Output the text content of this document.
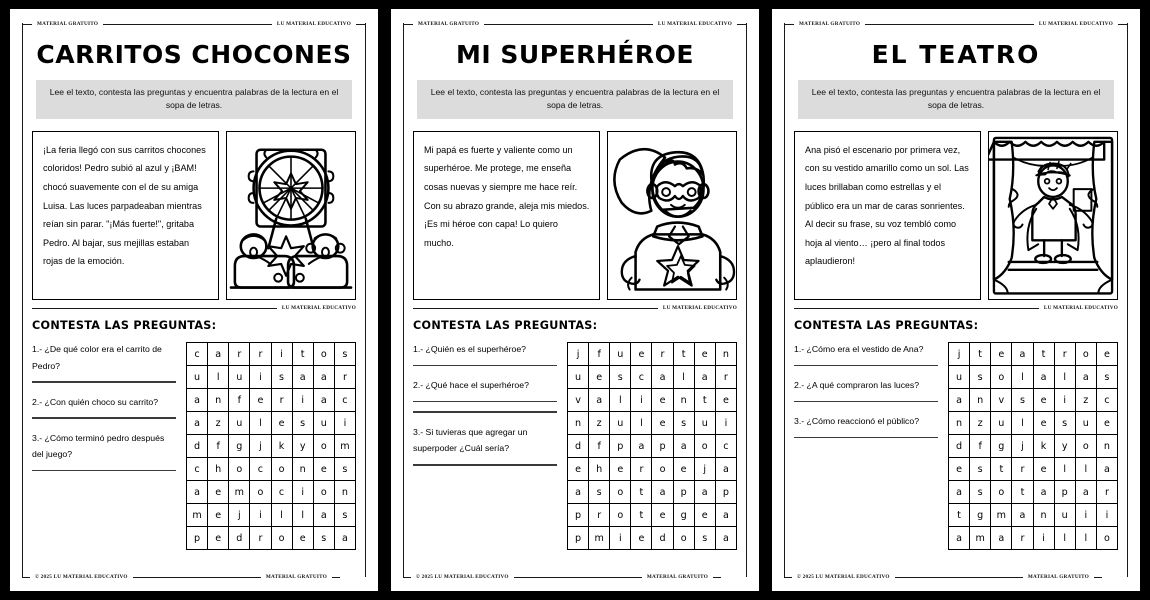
MATERIAL GRATUITO	LU MATERIAL EDUCATIVO
CARRITOS CHOCONES
Lee el texto, contesta las preguntas y encuentra palabras de la lectura en el sopa de letras.
¡La feria llegó con sus carritos chocones coloridos! Pedro subió al azul y ¡BAM! chocó suavemente con el de su amiga Luisa. Las luces parpadeaban mientras reían sin parar. "¡Más fuerte!", gritaba Pedro. Al bajar, sus mejillas estaban rojas de la emoción.
LU MATERIAL EDUCATIVO
CONTESTA LAS PREGUNTAS:
1.- ¿De qué color era el carrito de Pedro?
2.- ¿Con quién choco su carrito?
3.- ¿Cómo terminó pedro después del juego?
c	a	r	r	i	t	o	s
u	l	u	i	s	a	a	r
a	n	f	e	r	i	a	c
a	z	u	l	e	s	u	i
d	f	g	j	k	y	o	m
c	h	o	c	o	n	e	s
a	e	m	o	c	i	o	n
m	e	j	i	l	l	a	s
p	e	d	r	o	e	s	a
© 2025 LU MATERIAL EDUCATIVO	MATERIAL GRATUITO
MATERIAL GRATUITO	LU MATERIAL EDUCATIVO
MI SUPERHÉROE
Lee el texto, contesta las preguntas y encuentra palabras de la lectura en el sopa de letras.
Mi papá es fuerte y valiente como un superhéroe. Me protege, me enseña cosas nuevas y siempre me hace reír. Con su abrazo grande, aleja mis miedos. ¡Es mi héroe con capa! Lo quiero mucho.
LU MATERIAL EDUCATIVO
CONTESTA LAS PREGUNTAS:
1.- ¿Quién es el superhéroe?
2.- ¿Qué hace el superhéroe?
3.- Si tuvieras que agregar un superpoder ¿Cuál sería?
j	f	u	e	r	t	e	n
u	e	s	c	a	l	a	r
v	a	l	i	e	n	t	e
n	z	u	l	e	s	u	i
d	f	p	a	p	a	o	c
e	h	e	r	o	e	j	a
a	s	o	t	a	p	a	p
p	r	o	t	e	g	e	a
p	m	i	e	d	o	s	a
© 2025 LU MATERIAL EDUCATIVO	MATERIAL GRATUITO
MATERIAL GRATUITO	LU MATERIAL EDUCATIVO
EL TEATRO
Lee el texto, contesta las preguntas y encuentra palabras de la lectura en el sopa de letras.
Ana pisó el escenario por primera vez, con su vestido amarillo como un sol. Las luces brillaban como estrellas y el público era un mar de caras sonrientes. Al decir su frase, su voz tembló como hoja al viento… ¡pero al final todos aplaudieron!
LU MATERIAL EDUCATIVO
CONTESTA LAS PREGUNTAS:
1.- ¿Cómo era el vestido de Ana?
2.- ¿A qué compraron las luces?
3.- ¿Cómo reaccionó el público?
j	t	e	a	t	r	o	e
u	s	o	l	a	l	a	s
a	n	v	s	e	i	z	c
n	z	u	l	e	s	u	e
d	f	g	j	k	y	o	n
e	s	t	r	e	l	l	a
a	s	o	t	a	p	a	r
t	g	m	a	n	u	i	i
a	m	a	r	i	l	l	o
© 2025 LU MATERIAL EDUCATIVO	MATERIAL GRATUITO
